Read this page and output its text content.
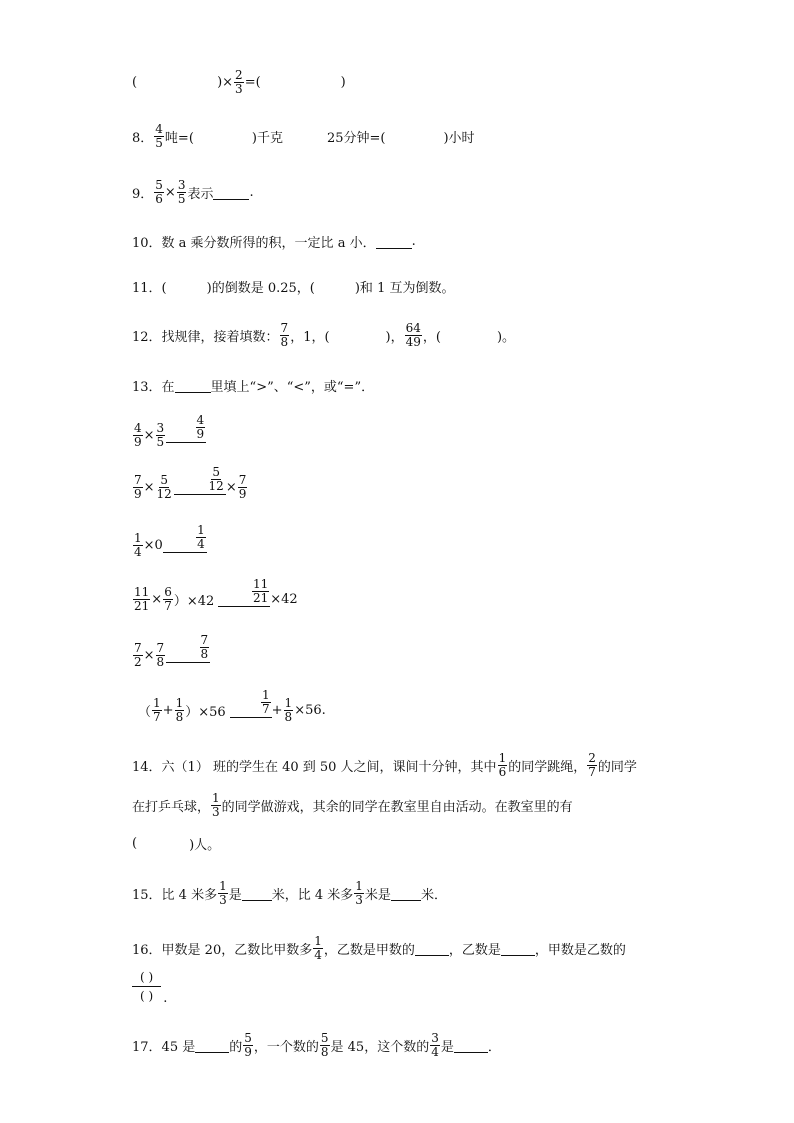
(	)× $\frac{2}{3}$ =(	)
8． $\frac{4}{5}$ 吨=(	)千克	25分钟=(	)小时
9． $\frac{5}{6} \times \frac{3}{5}$ 表示	.
10．数 a 乘分数所得的积，一定比 a 小．	.
11．(	)的倒数是 0.25，(	)和 1 互为倒数。
12．找规律，接着填数： $\frac{7}{8}$ ，1，(	)， $\frac{64}{49}$ ，(	)。
13．在	里填上“>”、“<”，或“=”．
$\frac{4}{9} \times \frac{3}{5}$	$\frac{4}{9}$
$\frac{7}{9} \times \frac{5}{12}$	$\frac{5}{12} \times \frac{7}{9}$
$\frac{1}{4} \times 0$	$\frac{1}{4}$
$\frac{11}{21} \times \frac{6}{7} )\times 42$	$\frac{11}{21} \times 42$
$\frac{7}{2} \times \frac{7}{8}$	$\frac{7}{8}$
（ $\frac{1}{7} + \frac{1}{8} )\times 56$	$\frac{1}{7} + \frac{1}{8} \times 56$.
14．六（1） 班的学生在 40 到 50 人之间，课间十分钟，其中 $\frac{1}{6}$ 的同学跳绳， $\frac{2}{7}$ 的同学
在打乒乓球， $\frac{1}{3}$ 的同学做游戏，其余的同学在教室里自由活动。在教室里的有
(	)人。
15．比 4 米多 $\frac{1}{3}$ 是 米，比 4 米多 $\frac{1}{3}$ 米是 米．
16．甲数是 20，乙数比甲数多 $\frac{1}{4}$ ，乙数是甲数的	，乙数是	，甲数是乙数的
$\frac{( )}{( )}$ .
17．45 是	的 $\frac{5}{9}$ ，一个数的 $\frac{5}{8}$ 是 45，这个数的 $\frac{3}{4}$ 是	．
